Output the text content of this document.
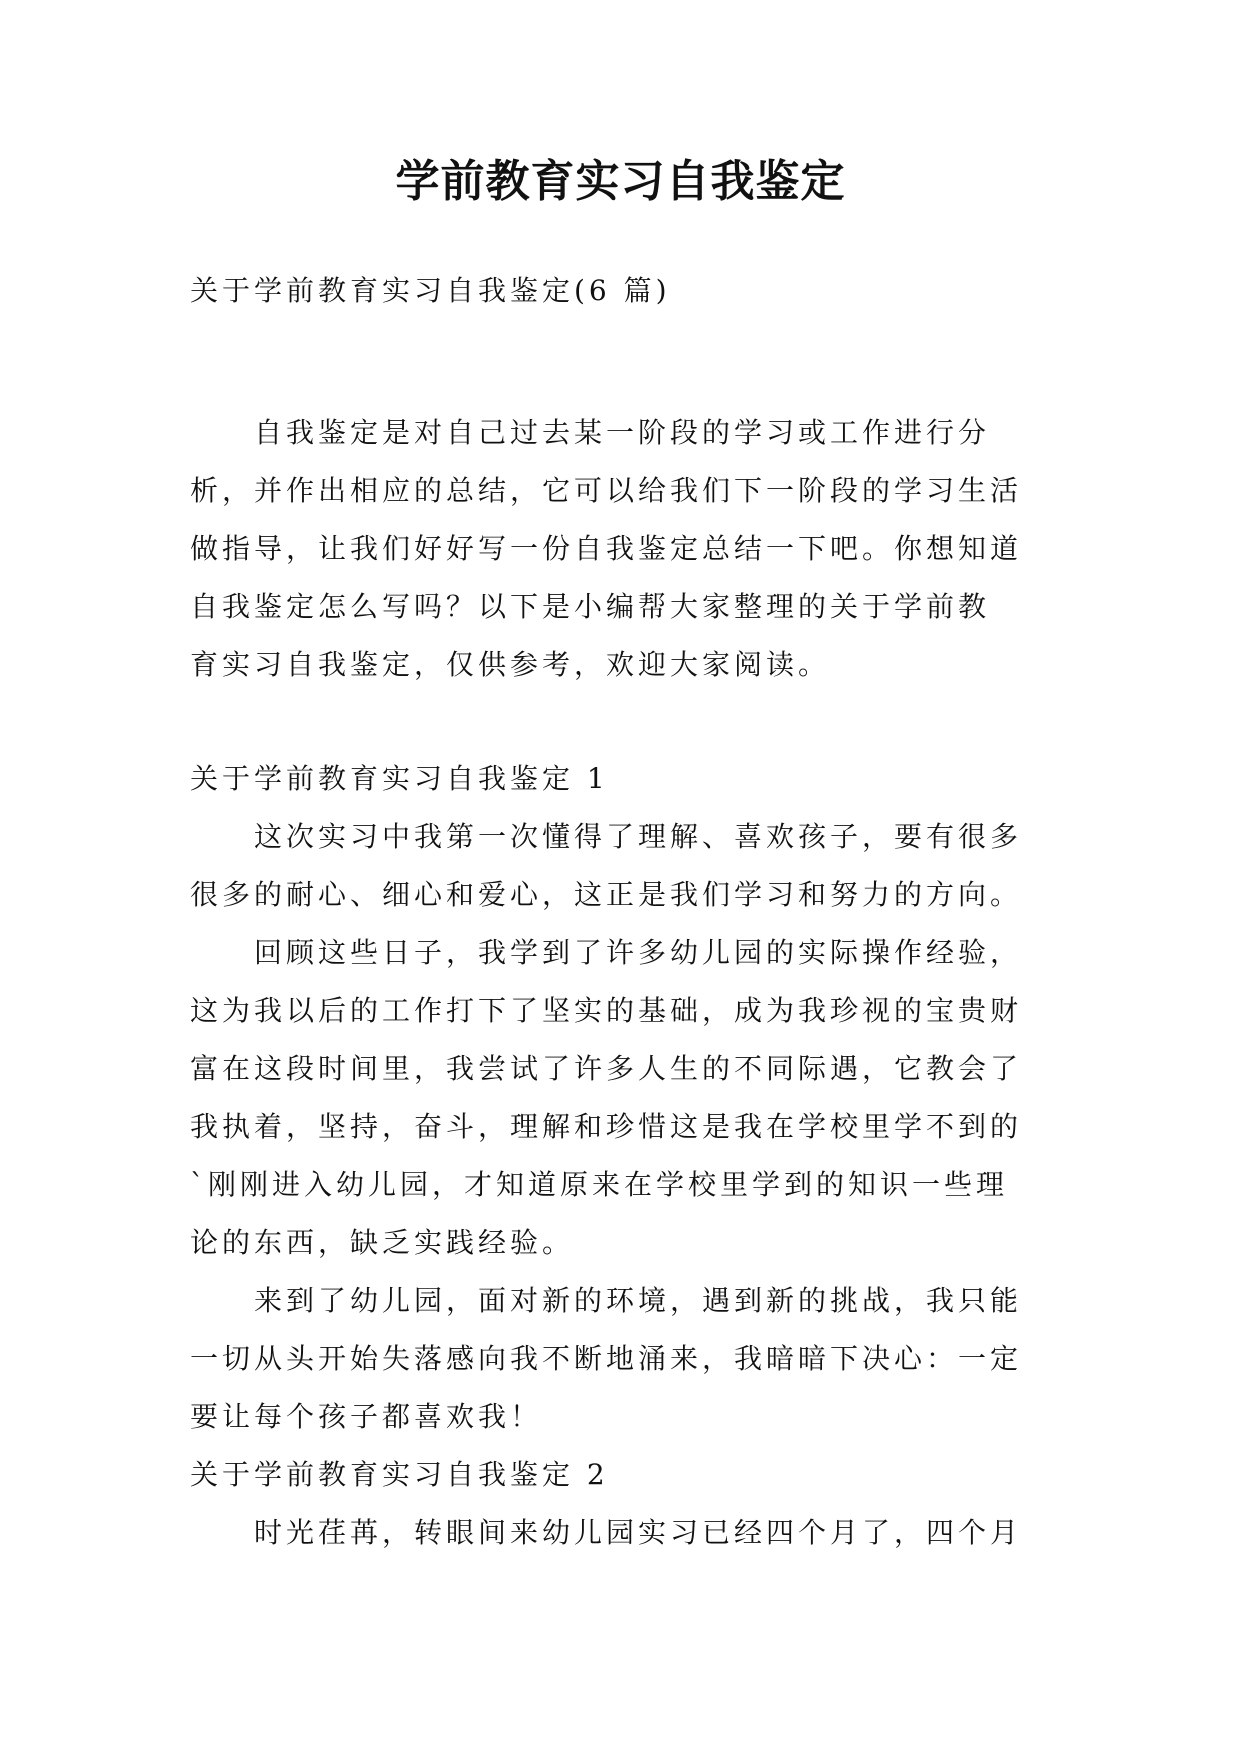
学前教育实习自我鉴定
关于学前教育实习自我鉴定(6 篇)
　　自我鉴定是对自己过去某一阶段的学习或工作进行分
析，并作出相应的总结，它可以给我们下一阶段的学习生活
做指导，让我们好好写一份自我鉴定总结一下吧。你想知道
自我鉴定怎么写吗？以下是小编帮大家整理的关于学前教
育实习自我鉴定，仅供参考，欢迎大家阅读。
关于学前教育实习自我鉴定 1
　　这次实习中我第一次懂得了理解、喜欢孩子，要有很多
很多的耐心、细心和爱心，这正是我们学习和努力的方向。
　　回顾这些日子，我学到了许多幼儿园的实际操作经验，
这为我以后的工作打下了坚实的基础，成为我珍视的宝贵财
富在这段时间里，我尝试了许多人生的不同际遇，它教会了
我执着，坚持，奋斗，理解和珍惜这是我在学校里学不到的
`刚刚进入幼儿园，才知道原来在学校里学到的知识一些理
论的东西，缺乏实践经验。
　　来到了幼儿园，面对新的环境，遇到新的挑战，我只能
一切从头开始失落感向我不断地涌来，我暗暗下决心：一定
要让每个孩子都喜欢我！
关于学前教育实习自我鉴定 2
　　时光荏苒，转眼间来幼儿园实习已经四个月了，四个月
